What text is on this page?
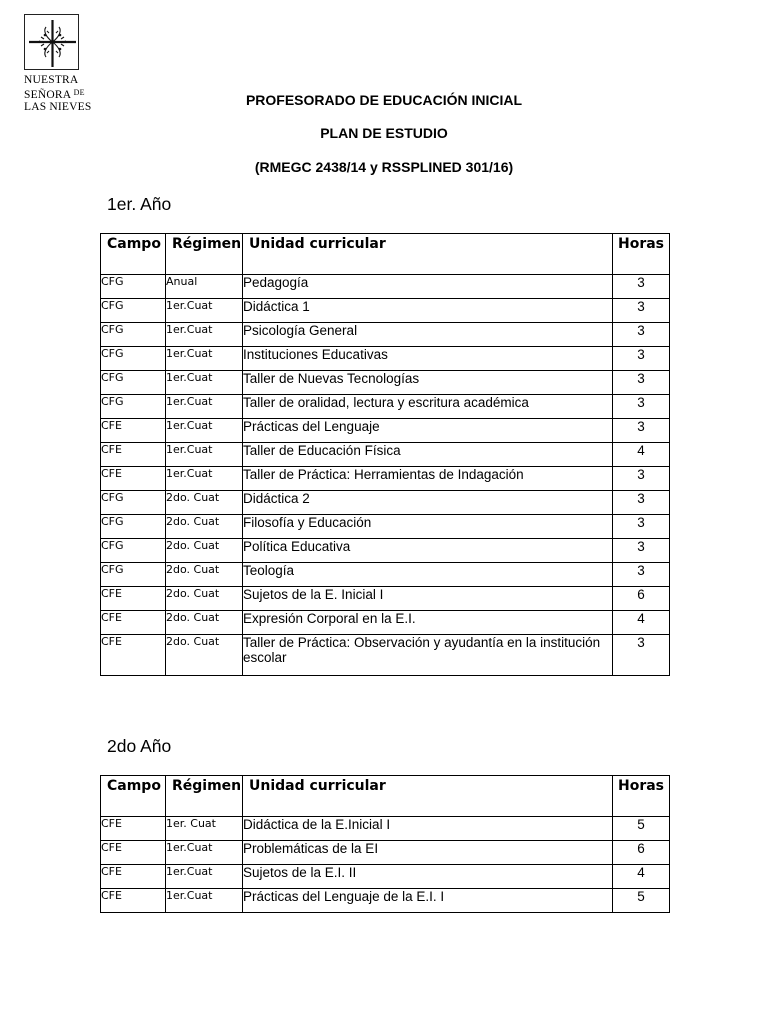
NUESTRA
SEÑORA $^{DE}$
LAS NIEVES	PROFESORADO DE EDUCACIÓN INICIAL
PLAN DE ESTUDIO
(RMEGC 2438/14 y RSSPLINED 301/16)
1er. Año
Campo	Régimen	Unidad curricular	Horas
CFG	Anual	Pedagogía	3
CFG	1er.Cuat	Didáctica 1	3
CFG	1er.Cuat	Psicología General	3
CFG	1er.Cuat	Instituciones Educativas	3
CFG	1er.Cuat	Taller de Nuevas Tecnologías	3
CFG	1er.Cuat	Taller de oralidad, lectura y escritura académica	3
CFE	1er.Cuat	Prácticas del Lenguaje	3
CFE	1er.Cuat	Taller de Educación Física	4
CFE	1er.Cuat	Taller de Práctica: Herramientas de Indagación	3
CFG	2do. Cuat	Didáctica 2	3
CFG	2do. Cuat	Filosofía y Educación	3
CFG	2do. Cuat	Política Educativa	3
CFG	2do. Cuat	Teología	3
CFE	2do. Cuat	Sujetos de la E. Inicial I	6
CFE	2do. Cuat	Expresión Corporal en la E.I.	4
CFE	2do. Cuat	Taller de Práctica: Observación y ayudantía en la institución escolar	3
2do Año
Campo	Régimen	Unidad curricular	Horas
CFE	1er. Cuat	Didáctica de la E.Inicial I	5
CFE	1er.Cuat	Problemáticas de la EI	6
CFE	1er.Cuat	Sujetos de la E.I. II	4
CFE	1er.Cuat	Prácticas del Lenguaje de la E.I. I	5
